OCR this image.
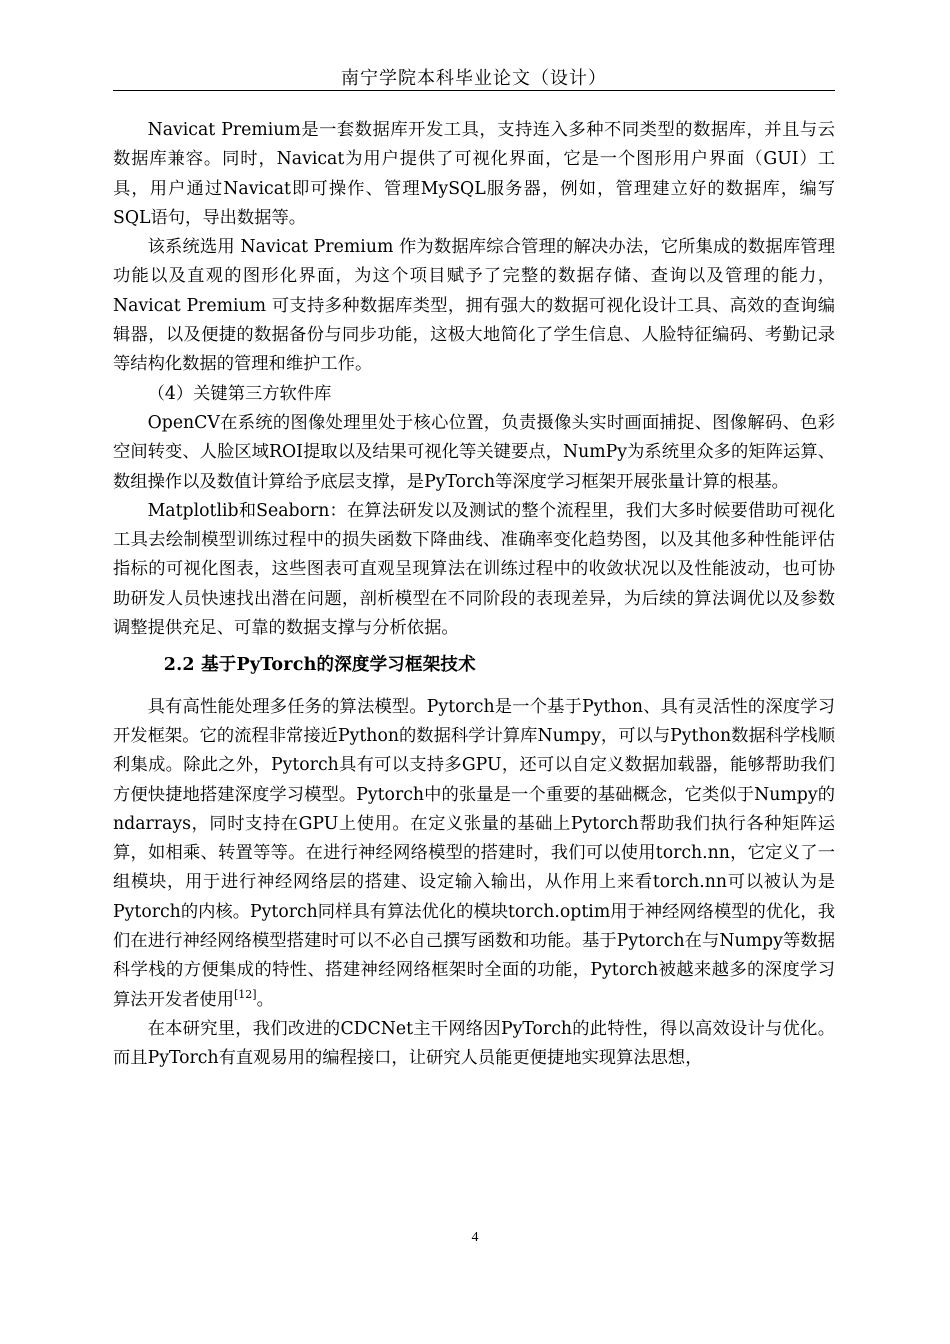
南宁学院本科毕业论文（设计）

Navicat Premium是一套数据库开发工具，支持连入多种不同类型的数据库，并且与云数据库兼容。同时，Navicat为用户提供了可视化界面，它是一个图形用户界面（GUI）工具，用户通过Navicat即可操作、管理MySQL服务器，例如，管理建立好的数据库，编写SQL语句，导出数据等。

该系统选用 Navicat Premium 作为数据库综合管理的解决办法，它所集成的数据库管理功能以及直观的图形化界面，为这个项目赋予了完整的数据存储、查询以及管理的能力，Navicat Premium 可支持多种数据库类型，拥有强大的数据可视化设计工具、高效的查询编辑器，以及便捷的数据备份与同步功能，这极大地简化了学生信息、人脸特征编码、考勤记录等结构化数据的管理和维护工作。

（4）关键第三方软件库

OpenCV在系统的图像处理里处于核心位置，负责摄像头实时画面捕捉、图像解码、色彩空间转变、人脸区域ROI提取以及结果可视化等关键要点，NumPy为系统里众多的矩阵运算、数组操作以及数值计算给予底层支撑，是PyTorch等深度学习框架开展张量计算的根基。

Matplotlib和Seaborn：在算法研发以及测试的整个流程里，我们大多时候要借助可视化工具去绘制模型训练过程中的损失函数下降曲线、准确率变化趋势图，以及其他多种性能评估指标的可视化图表，这些图表可直观呈现算法在训练过程中的收敛状况以及性能波动，也可协助研发人员快速找出潜在问题，剖析模型在不同阶段的表现差异，为后续的算法调优以及参数调整提供充足、可靠的数据支撑与分析依据。

2.2 基于PyTorch的深度学习框架技术

具有高性能处理多任务的算法模型。Pytorch是一个基于Python、具有灵活性的深度学习开发框架。它的流程非常接近Python的数据科学计算库Numpy，可以与Python数据科学栈顺利集成。除此之外，Pytorch具有可以支持多GPU，还可以自定义数据加载器，能够帮助我们方便快捷地搭建深度学习模型。Pytorch中的张量是一个重要的基础概念，它类似于Numpy的ndarrays，同时支持在GPU上使用。在定义张量的基础上Pytorch帮助我们执行各种矩阵运算，如相乘、转置等等。在进行神经网络模型的搭建时，我们可以使用torch.nn，它定义了一组模块，用于进行神经网络层的搭建、设定输入输出，从作用上来看torch.nn可以被认为是Pytorch的内核。Pytorch同样具有算法优化的模块torch.optim用于神经网络模型的优化，我们在进行神经网络模型搭建时可以不必自己撰写函数和功能。基于Pytorch在与Numpy等数据科学栈的方便集成的特性、搭建神经网络框架时全面的功能，Pytorch被越来越多的深度学习算法开发者使用[12]。

在本研究里，我们改进的CDCNet主干网络因PyTorch的此特性，得以高效设计与优化。而且PyTorch有直观易用的编程接口，让研究人员能更便捷地实现算法思想，

4
